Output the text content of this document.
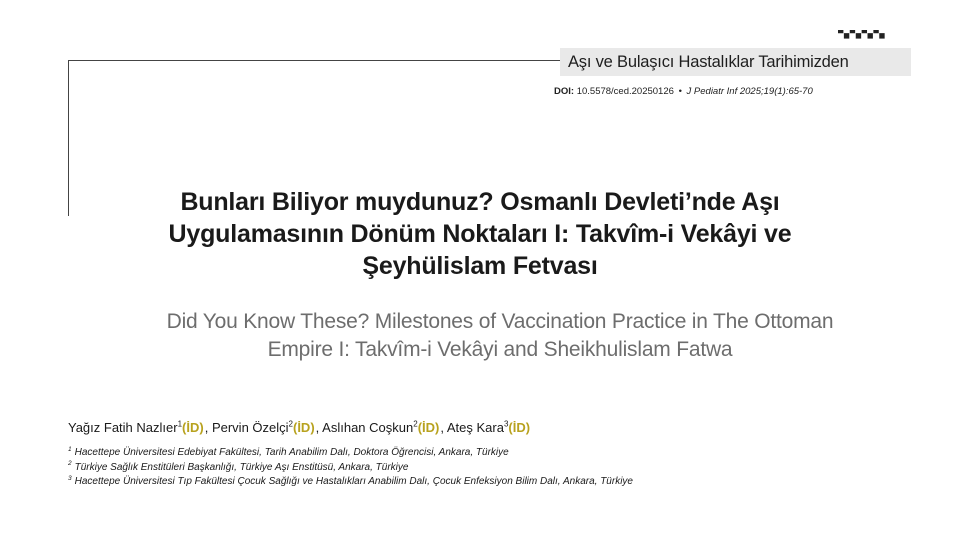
▀▄▀▄▀▄▀▄
Aşı ve Bulaşıcı Hastalıklar Tarihimizden
DOI: 10.5578/ced.20250126 • J Pediatr Inf 2025;19(1):65-70
Bunları Biliyor muydunuz? Osmanlı Devleti’nde Aşı
Uygulamasının Dönüm Noktaları I: Takvîm-i Vekâyi ve
Şeyhülislam Fetvası
Did You Know These? Milestones of Vaccination Practice in The Ottoman
Empire I: Takvîm-i Vekâyi and Sheikhulislam Fatwa
Yağız Fatih Nazlıer$^1$(İD), Pervin Özelçi$^2$(İD), Aslıhan Coşkun$^2$(İD), Ateş Kara$^3$(İD)
$^1$ Hacettepe Üniversitesi Edebiyat Fakültesi, Tarih Anabilim Dalı, Doktora Öğrencisi, Ankara, Türkiye
$^2$ Türkiye Sağlık Enstitüleri Başkanlığı, Türkiye Aşı Enstitüsü, Ankara, Türkiye
$^3$ Hacettepe Üniversitesi Tıp Fakültesi Çocuk Sağlığı ve Hastalıkları Anabilim Dalı, Çocuk Enfeksiyon Bilim Dalı, Ankara, Türkiye
